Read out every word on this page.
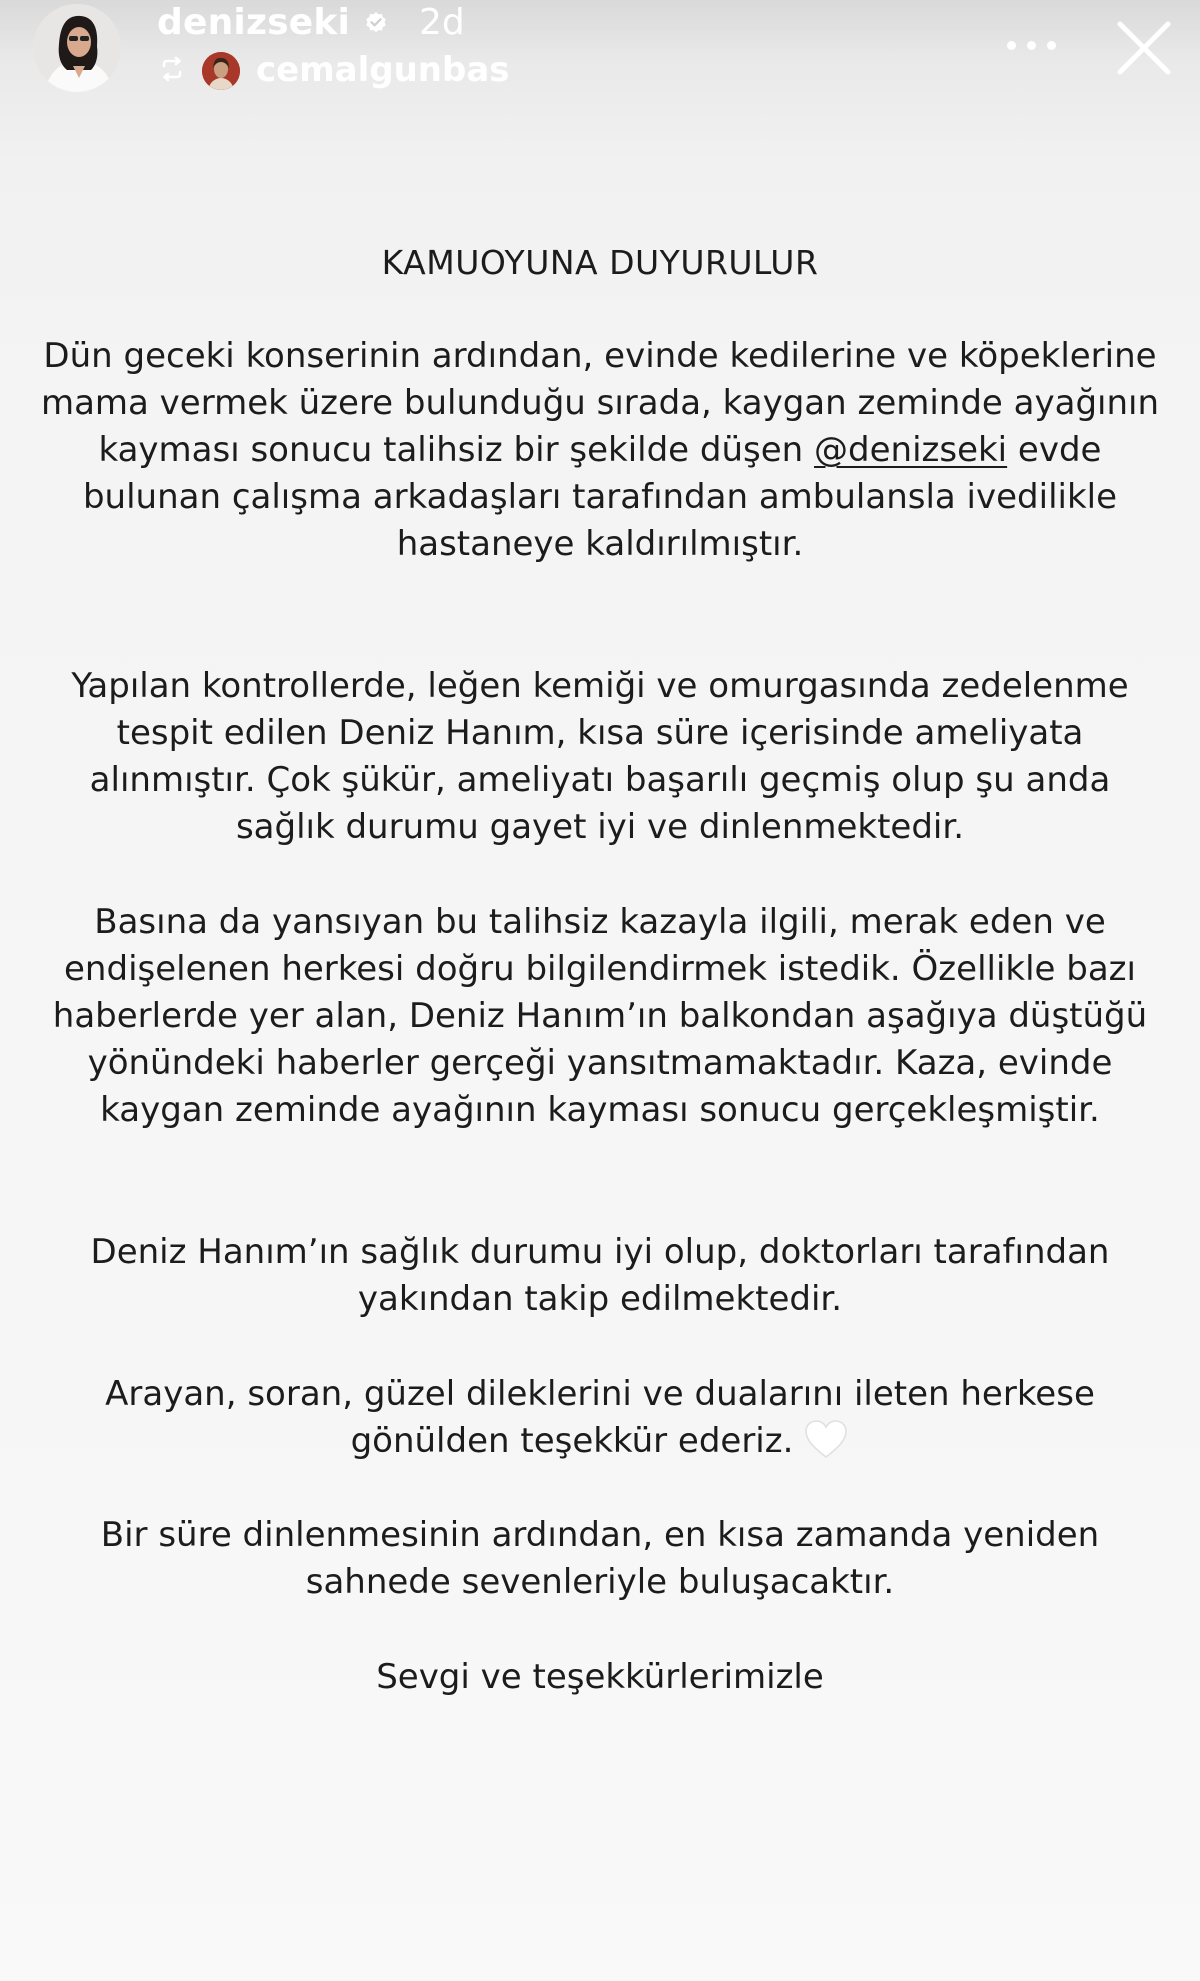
denizseki 2d
cemalgunbas
KAMUOYUNA DUYURULUR
Dün geceki konserinin ardından, evinde kedilerine ve köpeklerine mama vermek üzere bulunduğu sırada, kaygan zeminde ayağının kayması sonucu talihsiz bir şekilde düşen @denizseki evde bulunan çalışma arkadaşları tarafından ambulansla ivedilikle hastaneye kaldırılmıştır.
Yapılan kontrollerde, leğen kemiği ve omurgasında zedelenme tespit edilen Deniz Hanım, kısa süre içerisinde ameliyata alınmıştır. Çok şükür, ameliyatı başarılı geçmiş olup şu anda sağlık durumu gayet iyi ve dinlenmektedir.
Basına da yansıyan bu talihsiz kazayla ilgili, merak eden ve endişelenen herkesi doğru bilgilendirmek istedik. Özellikle bazı haberlerde yer alan, Deniz Hanım’ın balkondan aşağıya düştüğü yönündeki haberler gerçeği yansıtmamaktadır. Kaza, evinde kaygan zeminde ayağının kayması sonucu gerçekleşmiştir.
Deniz Hanım’ın sağlık durumu iyi olup, doktorları tarafından yakından takip edilmektedir.
Arayan, soran, güzel dileklerini ve dualarını ileten herkese gönülden teşekkür ederiz.
Bir süre dinlenmesinin ardından, en kısa zamanda yeniden sahnede sevenleriyle buluşacaktır.
Sevgi ve teşekkürlerimizle
